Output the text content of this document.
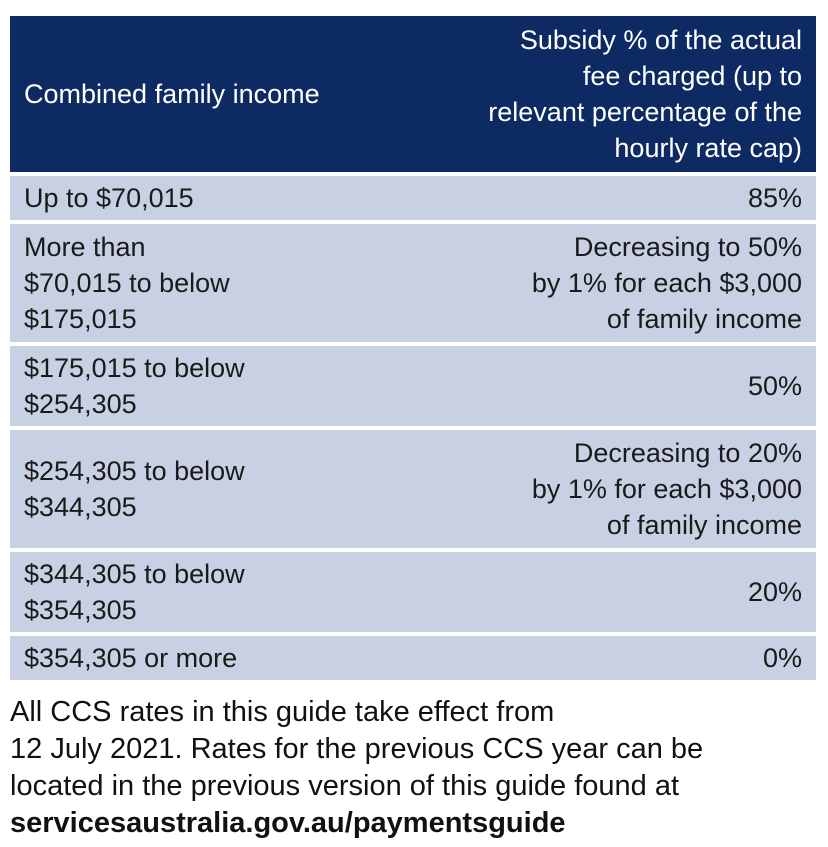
Combined family income	Subsidy % of the actual
fee charged (up to
relevant percentage of the
hourly rate cap)

Up to $70,015	85%

More than
$70,015 to below
$175,015	Decreasing to 50%
by 1% for each $3,000
of family income

$175,015 to below
$254,305	50%

$254,305 to below
$344,305	Decreasing to 20%
by 1% for each $3,000
of family income

$344,305 to below
$354,305	20%

$354,305 or more	0%
All CCS rates in this guide take effect from
12 July 2021. Rates for the previous CCS year can be
located in the previous version of this guide found at
servicesaustralia.gov.au/paymentsguide
